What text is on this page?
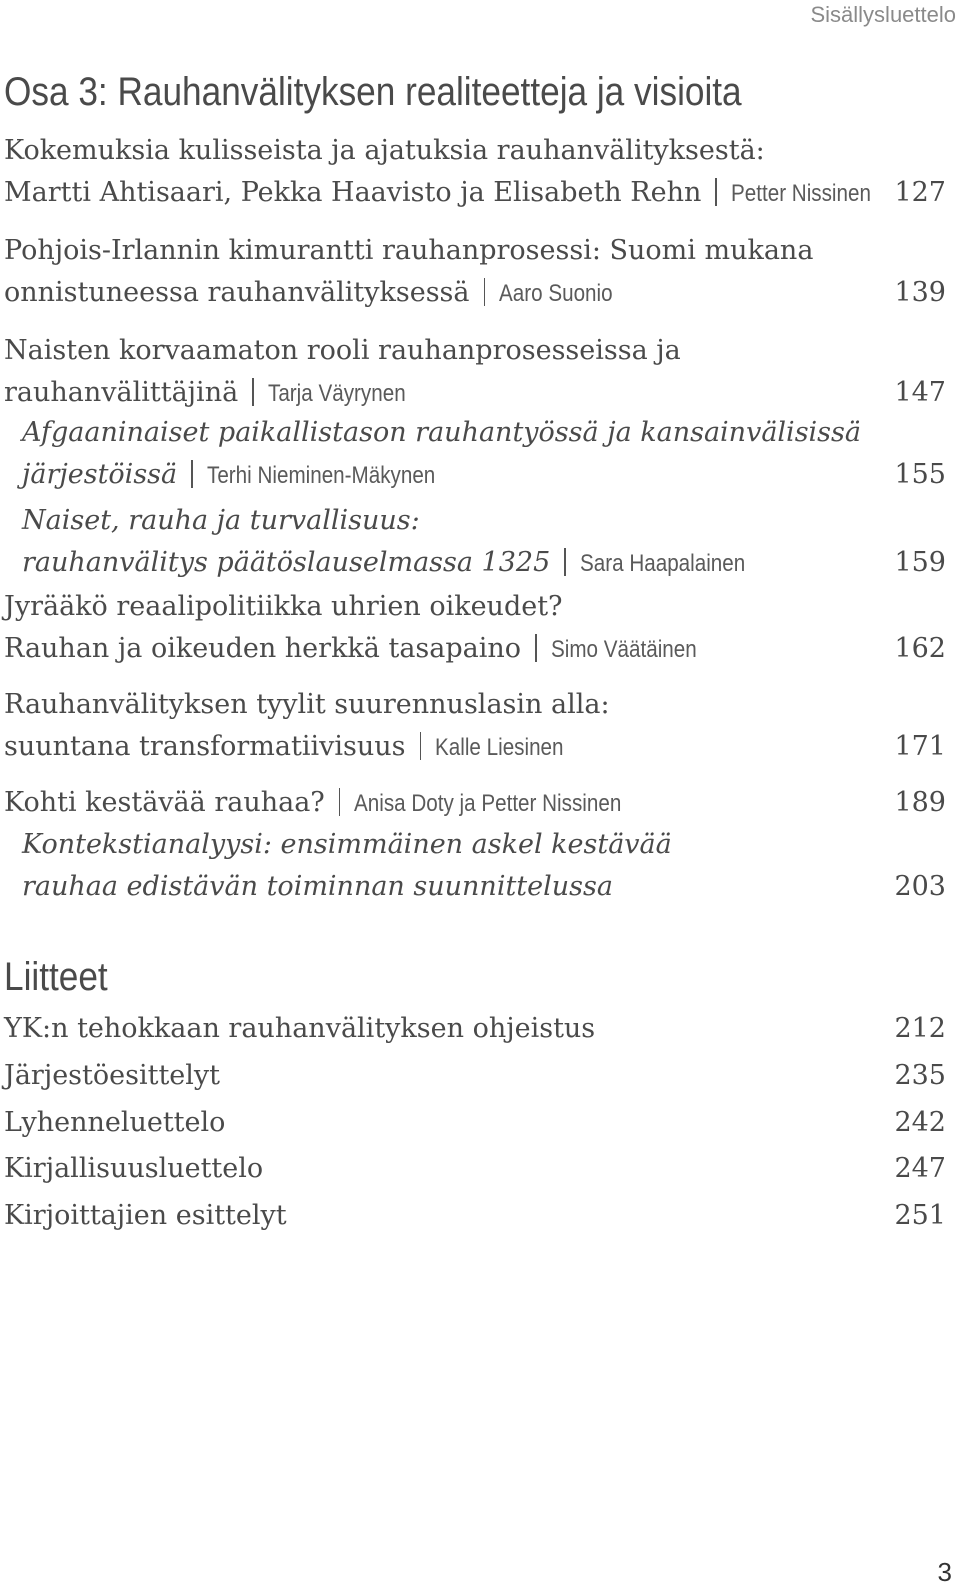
Sisällysluettelo
Osa 3: Rauhanvälityksen realiteetteja ja visioita
Kokemuksia kulisseista ja ajatuksia rauhanvälityksestä:
Martti Ahtisaari, Pekka Haavisto ja Elisabeth Rehn Petter Nissinen 127
Pohjois-Irlannin kimurantti rauhanprosessi: Suomi mukana
onnistuneessa rauhanvälityksessä Aaro Suonio	139
Naisten korvaamaton rooli rauhanprosesseissa ja
rauhanvälittäjinä Tarja Väyrynen	147
Afgaaninaiset paikallistason rauhantyössä ja kansainvälisissä
järjestöissä Terhi Nieminen-Mäkynen	155
Naiset, rauha ja turvallisuus:
rauhanvälitys päätöslauselmassa 1325 Sara Haapalainen	159
Jyrääkö reaalipolitiikka uhrien oikeudet?
Rauhan ja oikeuden herkkä tasapaino Simo Väätäinen	162
Rauhanvälityksen tyylit suurennuslasin alla:
suuntana transformatiivisuus Kalle Liesinen	171
Kohti kestävää rauhaa? Anisa Doty ja Petter Nissinen	189
Kontekstianalyysi: ensimmäinen askel kestävää
rauhaa edistävän toiminnan suunnittelussa	203
Liitteet
YK:n tehokkaan rauhanvälityksen ohjeistus	212
Järjestöesittelyt	235
Lyhenneluettelo	242
Kirjallisuusluettelo	247
Kirjoittajien esittelyt	251
3
